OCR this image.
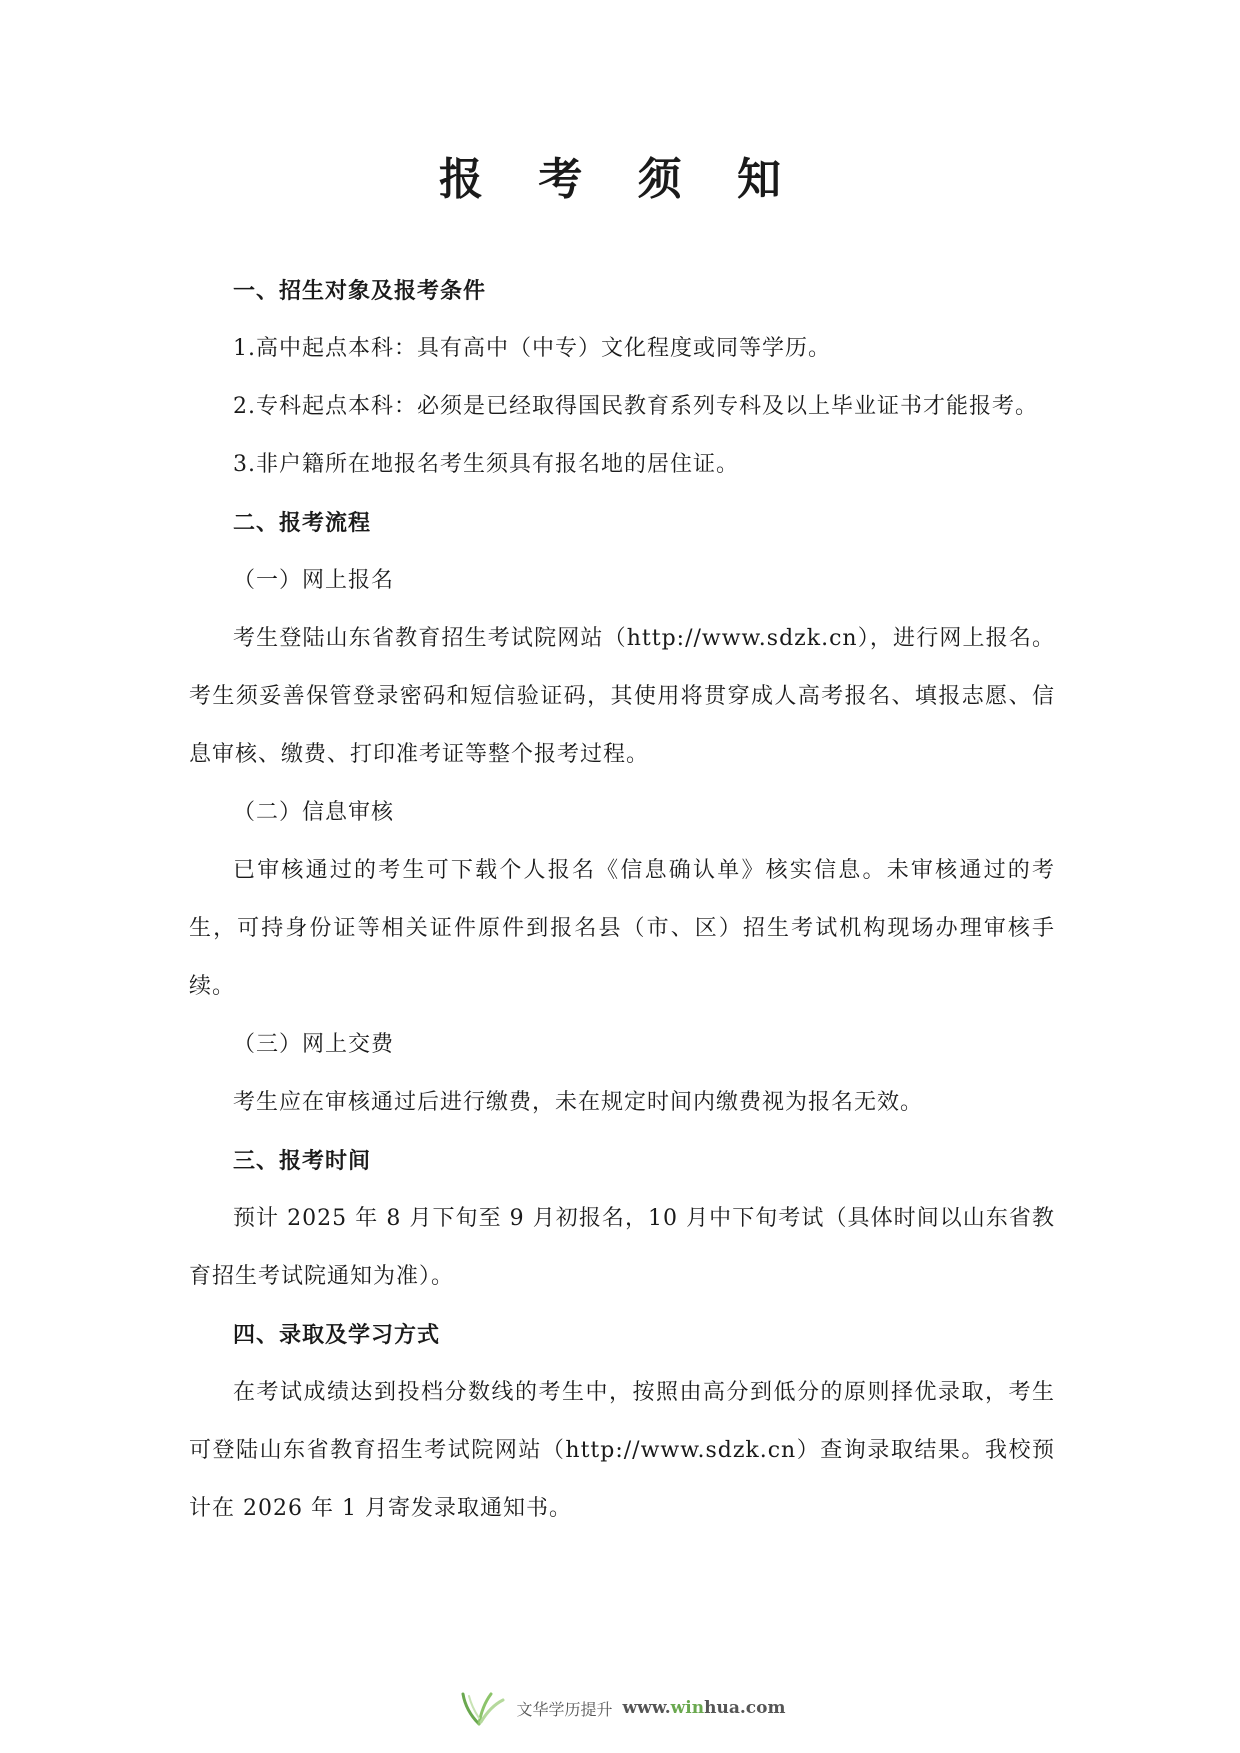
报 考 须 知

一、招生对象及报考条件

1.高中起点本科：具有高中（中专）文化程度或同等学历。

2.专科起点本科：必须是已经取得国民教育系列专科及以上毕业证书才能报考。

3.非户籍所在地报名考生须具有报名地的居住证。

二、报考流程

（一）网上报名

考生登陆山东省教育招生考试院网站（http://www.sdzk.cn），进行网上报名。考生须妥善保管登录密码和短信验证码，其使用将贯穿成人高考报名、填报志愿、信息审核、缴费、打印准考证等整个报考过程。

（二）信息审核

已审核通过的考生可下载个人报名《信息确认单》核实信息。未审核通过的考生，可持身份证等相关证件原件到报名县（市、区）招生考试机构现场办理审核手续。

（三）网上交费

考生应在审核通过后进行缴费，未在规定时间内缴费视为报名无效。

三、报考时间

预计 2025 年 8 月下旬至 9 月初报名，10 月中下旬考试（具体时间以山东省教育招生考试院通知为准）。

四、录取及学习方式

在考试成绩达到投档分数线的考生中，按照由高分到低分的原则择优录取，考生可登陆山东省教育招生考试院网站（http://www.sdzk.cn）查询录取结果。我校预计在 2026 年 1 月寄发录取通知书。

文华学历提升 www.winhua.com
